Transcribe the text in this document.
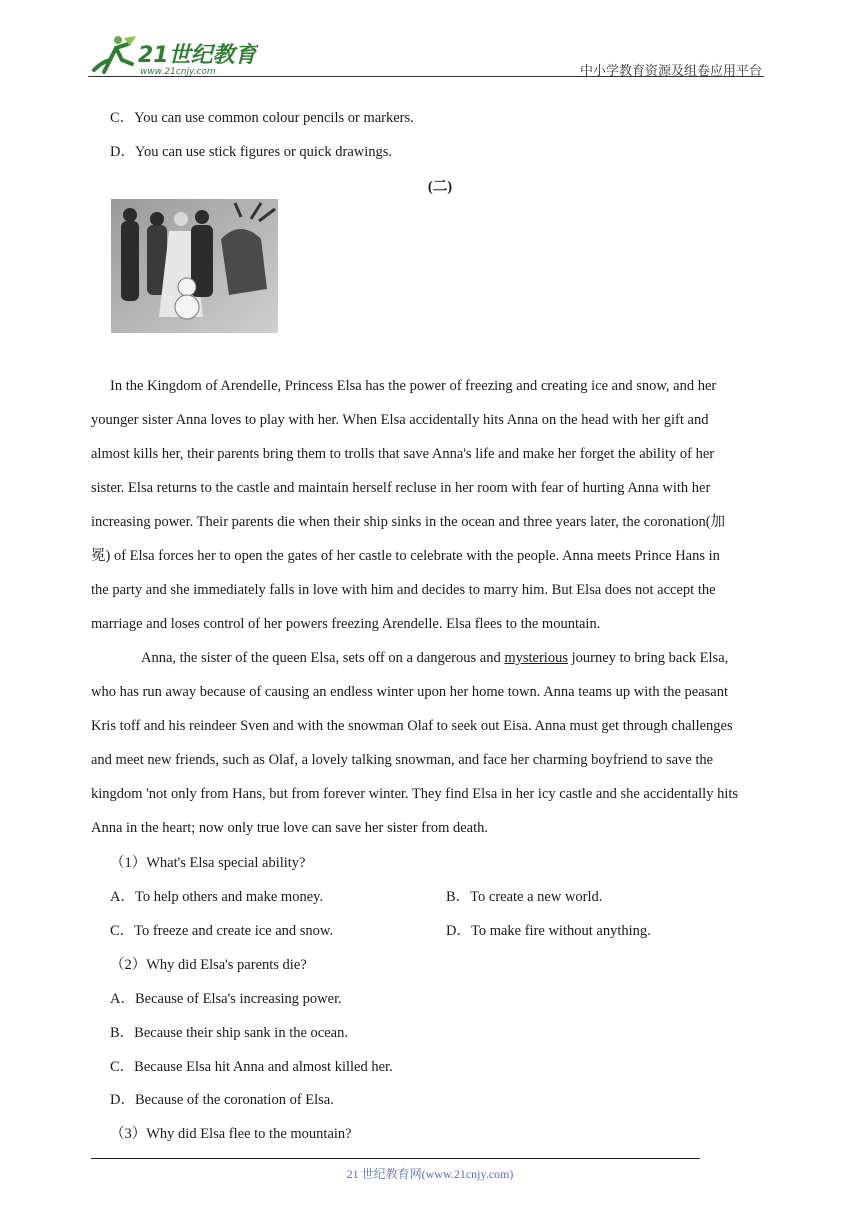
21世纪教育
www.21cnjy.com	中小学教育资源及组卷应用平台
C．You can use common colour pencils or markers.
D．You can use stick figures or quick drawings.
(二)
In the Kingdom of Arendelle, Princess Elsa has the power of freezing and creating ice and snow, and her
younger sister Anna loves to play with her. When Elsa accidentally hits Anna on the head with her gift and
almost kills her, their parents bring them to trolls that save Anna's life and make her forget the ability of her
sister. Elsa returns to the castle and maintain herself recluse in her room with fear of hurting Anna with her
increasing power. Their parents die when their ship sinks in the ocean and three years later, the coronation(加
冕) of Elsa forces her to open the gates of her castle to celebrate with the people. Anna meets Prince Hans in
the party and she immediately falls in love with him and decides to marry him. But Elsa does not accept the
marriage and loses control of her powers freezing Arendelle. Elsa flees to the mountain.
Anna, the sister of the queen Elsa, sets off on a dangerous and mysterious journey to bring back Elsa,
who has run away because of causing an endless winter upon her home town. Anna teams up with the peasant
Kris toff and his reindeer Sven and with the snowman Olaf to seek out Eisa. Anna must get through challenges
and meet new friends, such as Olaf, a lovely talking snowman, and face her charming boyfriend to save the
kingdom 'not only from Hans, but from forever winter. They find Elsa in her icy castle and she accidentally hits
Anna in the heart; now only true love can save her sister from death.
（1）What's Elsa special ability?
A．To help others and make money.	B．To create a new world.
C．To freeze and create ice and snow.	D．To make fire without anything.
（2）Why did Elsa's parents die?
A．Because of Elsa's increasing power.
B．Because their ship sank in the ocean.
C．Because Elsa hit Anna and almost killed her.
D．Because of the coronation of Elsa.
（3）Why did Elsa flee to the mountain?
21 世纪教育网(www.21cnjy.com)
